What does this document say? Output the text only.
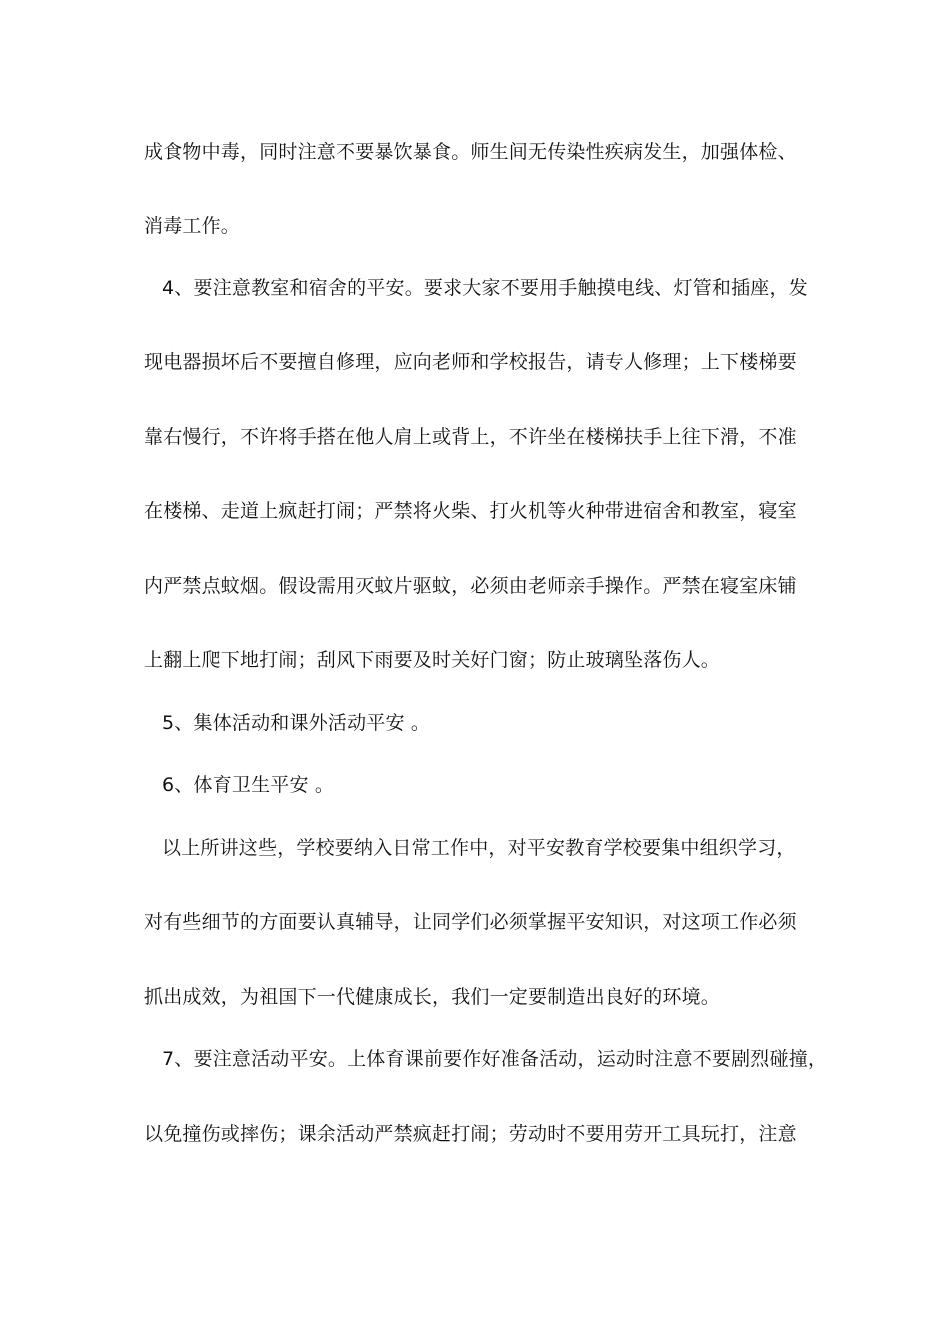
成食物中毒，同时注意不要暴饮暴食。师生间无传染性疾病发生，加强体检、
消毒工作。
4、要注意教室和宿舍的平安。要求大家不要用手触摸电线、灯管和插座，发
现电器损坏后不要擅自修理，应向老师和学校报告，请专人修理；上下楼梯要
靠右慢行，不许将手搭在他人肩上或背上，不许坐在楼梯扶手上往下滑，不准
在楼梯、走道上疯赶打闹；严禁将火柴、打火机等火种带进宿舍和教室，寝室
内严禁点蚊烟。假设需用灭蚊片驱蚊，必须由老师亲手操作。严禁在寝室床铺
上翻上爬下地打闹；刮风下雨要及时关好门窗；防止玻璃坠落伤人。
5、集体活动和课外活动平安 。
6、体育卫生平安 。
以上所讲这些，学校要纳入日常工作中，对平安教育学校要集中组织学习，
对有些细节的方面要认真辅导，让同学们必须掌握平安知识，对这项工作必须
抓出成效，为祖国下一代健康成长，我们一定要制造出良好的环境。
7、要注意活动平安。上体育课前要作好准备活动，运动时注意不要剧烈碰撞，
以免撞伤或摔伤；课余活动严禁疯赶打闹；劳动时不要用劳开工具玩打，注意
